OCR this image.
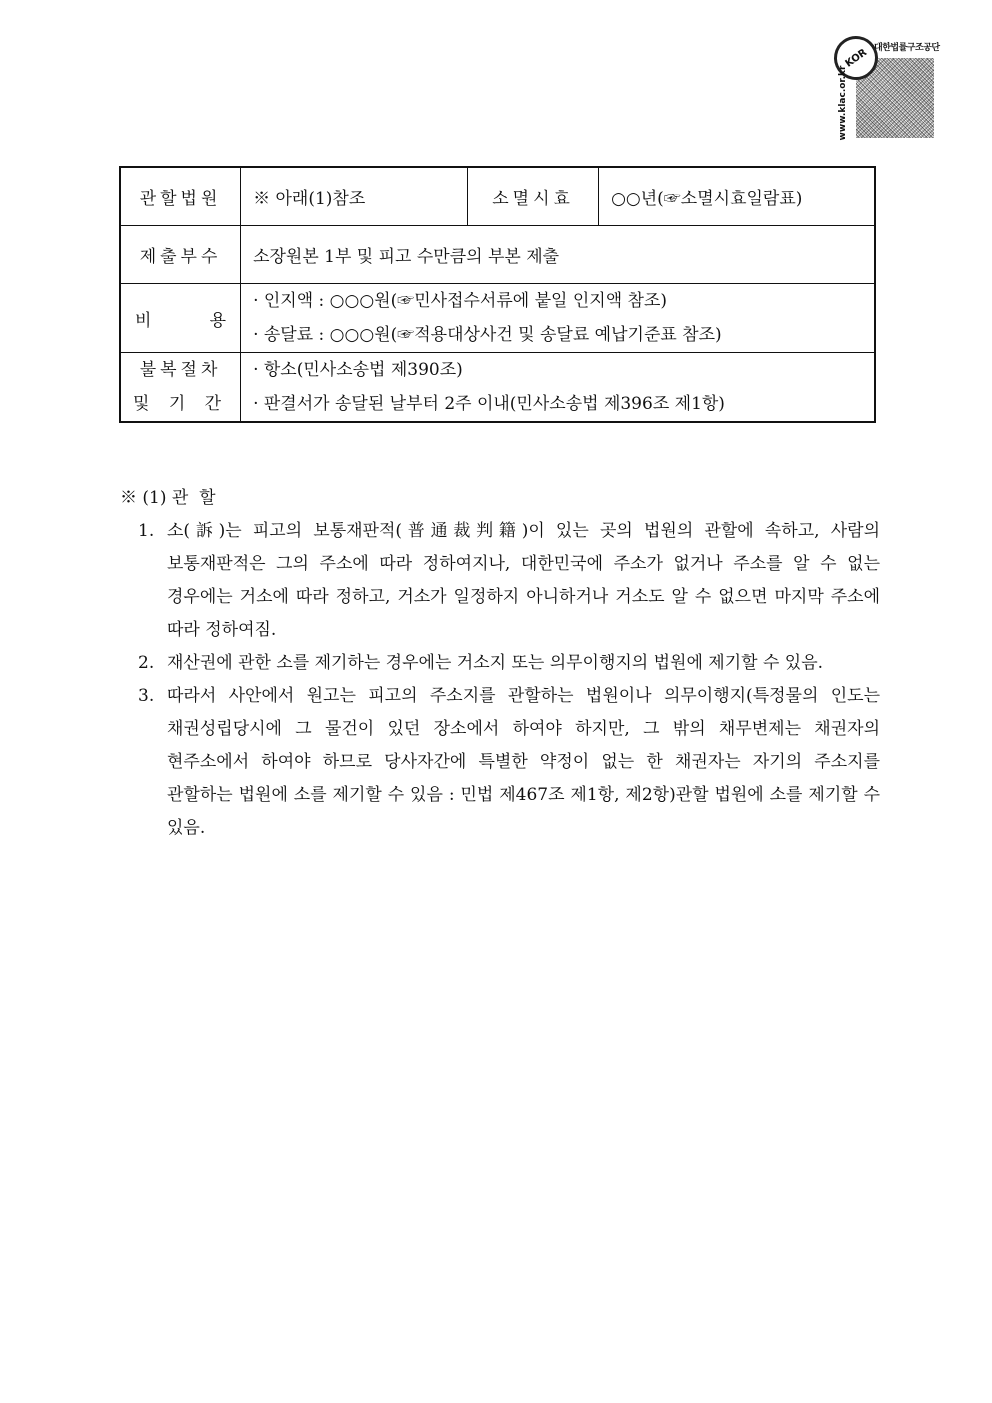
KOR 대한법률구조공단
www.klac.or.kr
관할법원	※ 아래(1)참조	소멸시효	○○년(☞소멸시효일람표)
제출부수	소장원본 1부 및 피고 수만큼의 부본 제출		

비 용	· 인지액 : ○○○원(☞민사접수서류에 붙일 인지액 참조)
· 송달료 : ○○○원(☞적용대상사건 및 송달료 예납기준표 참조)		

불복절차
및 기 간	· 항소(민사소송법 제390조)
· 판결서가 송달된 날부터 2주 이내(민사소송법 제396조 제1항)		
※ (1) 관  할
1. 소(訴)는 피고의 보통재판적(普通裁判籍)이 있는 곳의 법원의 관할에 속하고, 사람의 보통재판적은 그의 주소에 따라 정하여지나, 대한민국에 주소가 없거나 주소를 알 수 없는 경우에는 거소에 따라 정하고, 거소가 일정하지 아니하거나 거소도 알 수 없으면 마지막 주소에 따라 정하여짐.
2. 재산권에 관한 소를 제기하는 경우에는 거소지 또는 의무이행지의 법원에 제기할 수 있음.
3. 따라서 사안에서 원고는 피고의 주소지를 관할하는 법원이나 의무이행지(특정물의 인도는 채권성립당시에 그 물건이 있던 장소에서 하여야 하지만, 그 밖의 채무변제는 채권자의 현주소에서 하여야 하므로 당사자간에 특별한 약정이 없는 한 채권자는 자기의 주소지를 관할하는 법원에 소를 제기할 수 있음 : 민법 제467조 제1항, 제2항)관할 법원에 소를 제기할 수 있음.
